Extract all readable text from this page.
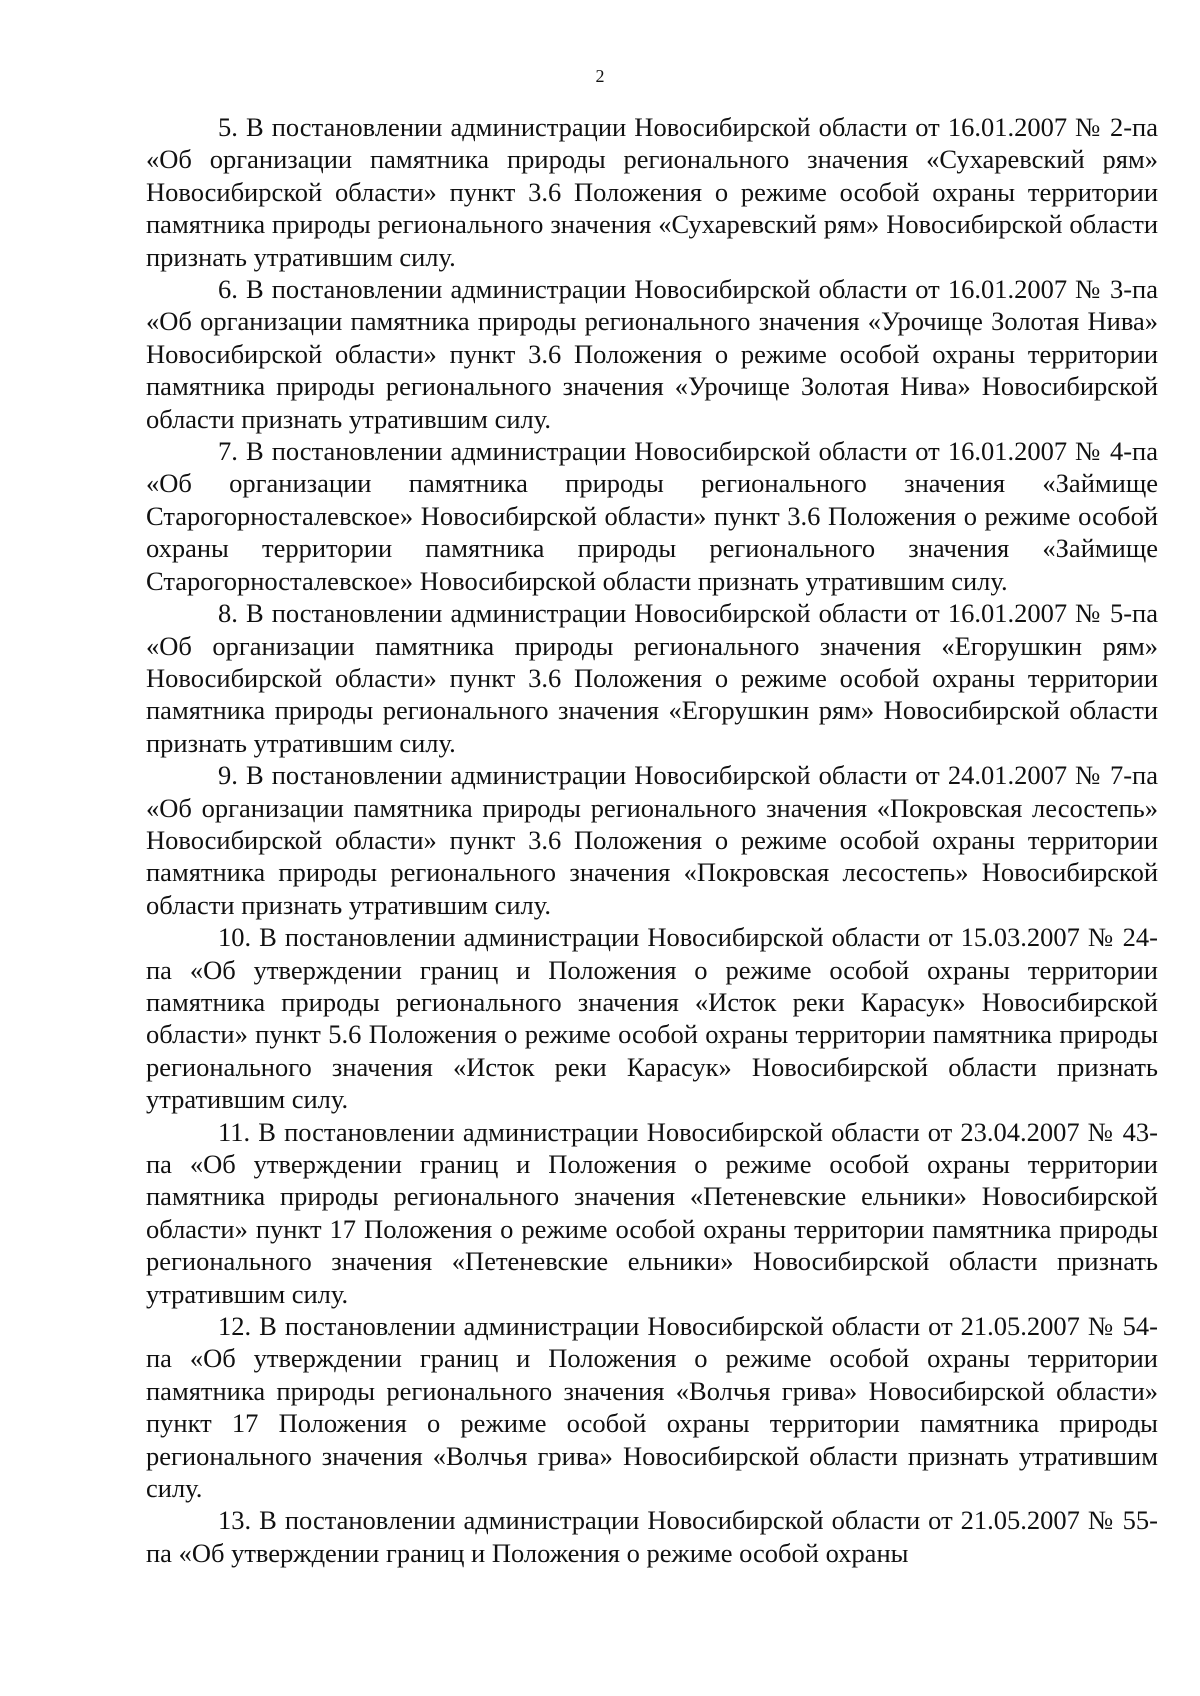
2

5. В постановлении администрации Новосибирской области от 16.01.2007 № 2-па «Об организации памятника природы регионального значения «Сухаревский рям» Новосибирской области» пункт 3.6 Положения о режиме особой охраны территории памятника природы регионального значения «Сухаревский рям» Новосибирской области признать утратившим силу.

6. В постановлении администрации Новосибирской области от 16.01.2007 № 3-па «Об организации памятника природы регионального значения «Урочище Золотая Нива» Новосибирской области» пункт 3.6 Положения о режиме особой охраны территории памятника природы регионального значения «Урочище Золотая Нива» Новосибирской области признать утратившим силу.

7. В постановлении администрации Новосибирской области от 16.01.2007 № 4-па «Об организации памятника природы регионального значения «Займище Старогорносталевское» Новосибирской области» пункт 3.6 Положения о режиме особой охраны территории памятника природы регионального значения «Займище Старогорносталевское» Новосибирской области признать утратившим силу.

8. В постановлении администрации Новосибирской области от 16.01.2007 № 5-па «Об организации памятника природы регионального значения «Егорушкин рям» Новосибирской области» пункт 3.6 Положения о режиме особой охраны территории памятника природы регионального значения «Егорушкин рям» Новосибирской области признать утратившим силу.

9. В постановлении администрации Новосибирской области от 24.01.2007 № 7-па «Об организации памятника природы регионального значения «Покровская лесостепь» Новосибирской области» пункт 3.6 Положения о режиме особой охраны территории памятника природы регионального значения «Покровская лесостепь» Новосибирской области признать утратившим силу.

10. В постановлении администрации Новосибирской области от 15.03.2007 № 24-па «Об утверждении границ и Положения о режиме особой охраны территории памятника природы регионального значения «Исток реки Карасук» Новосибирской области» пункт 5.6 Положения о режиме особой охраны территории памятника природы регионального значения «Исток реки Карасук» Новосибирской области признать утратившим силу.

11. В постановлении администрации Новосибирской области от 23.04.2007 № 43-па «Об утверждении границ и Положения о режиме особой охраны территории памятника природы регионального значения «Петеневские ельники» Новосибирской области» пункт 17 Положения о режиме особой охраны территории памятника природы регионального значения «Петеневские ельники» Новосибирской области признать утратившим силу.

12. В постановлении администрации Новосибирской области от 21.05.2007 № 54-па «Об утверждении границ и Положения о режиме особой охраны территории памятника природы регионального значения «Волчья грива» Новосибирской области» пункт 17 Положения о режиме особой охраны территории памятника природы регионального значения «Волчья грива» Новосибирской области признать утратившим силу.

13. В постановлении администрации Новосибирской области от 21.05.2007 № 55-па «Об утверждении границ и Положения о режиме особой охраны
